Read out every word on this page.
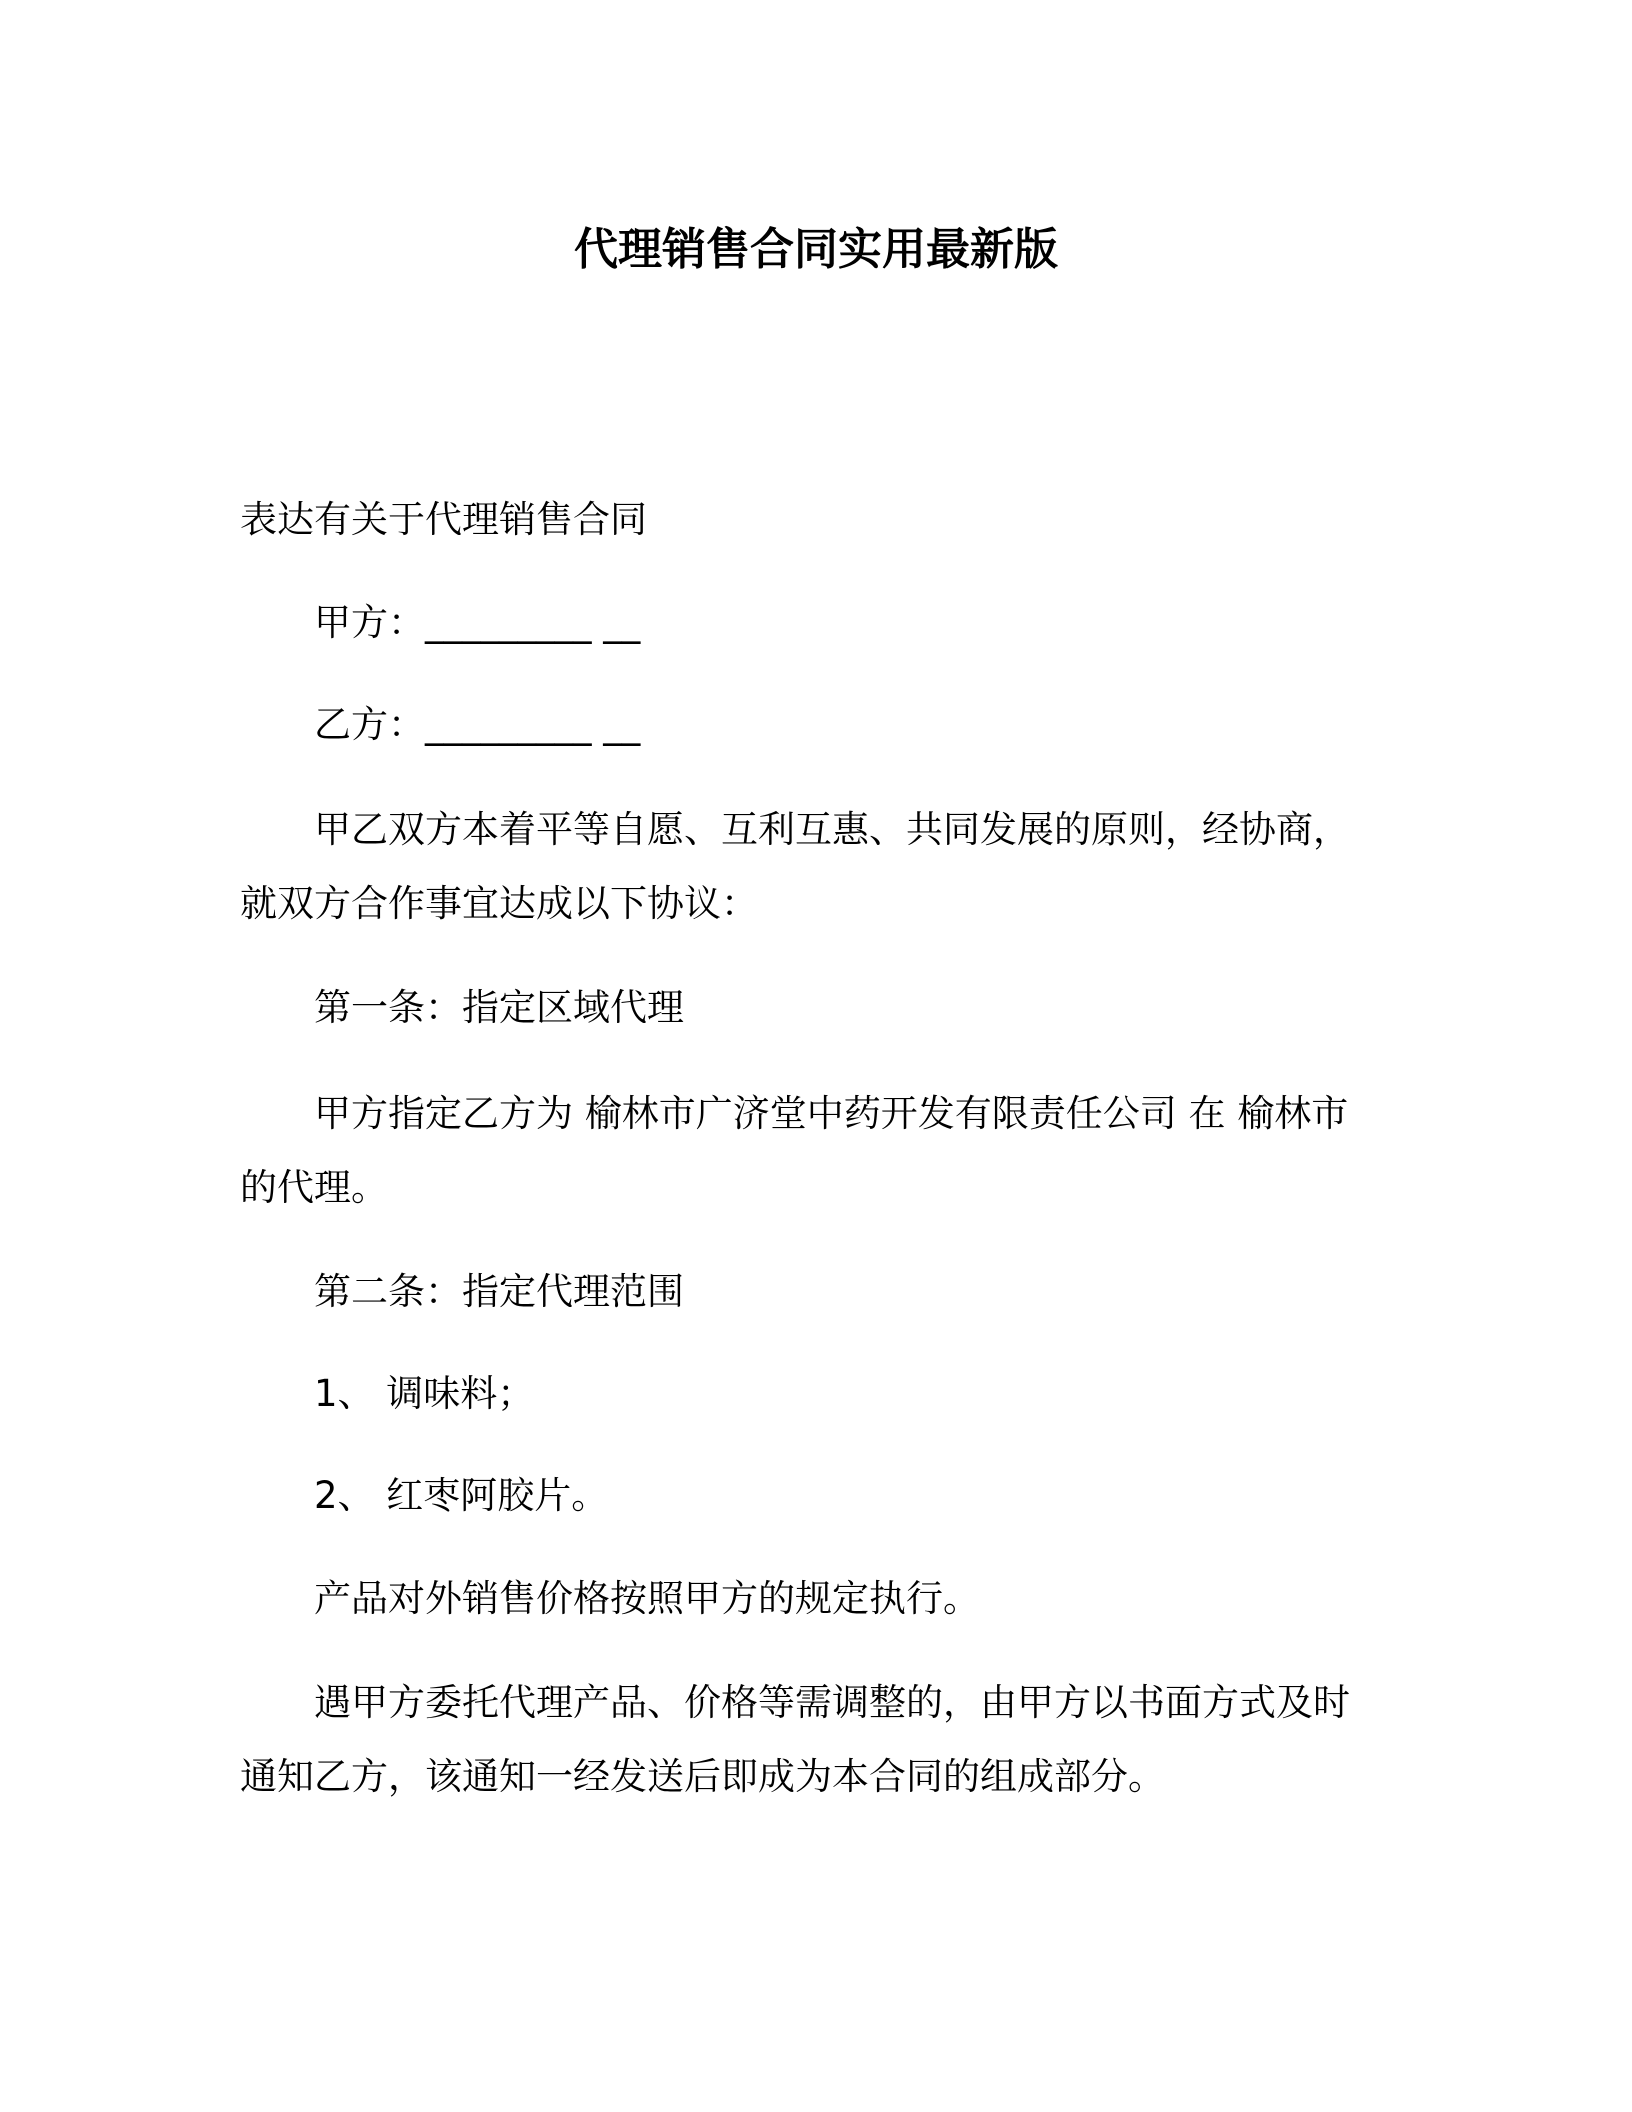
代理销售合同实用最新版
表达有关于代理销售合同
甲方：_________ __
乙方：_________ __
甲乙双方本着平等自愿、互利互惠、共同发展的原则，经协商，
就双方合作事宜达成以下协议：
第一条：指定区域代理
甲方指定乙方为 榆林市广济堂中药开发有限责任公司 在 榆林市
的代理。
第二条：指定代理范围
1、 调味料；
2、 红枣阿胶片。
产品对外销售价格按照甲方的规定执行。
遇甲方委托代理产品、价格等需调整的，由甲方以书面方式及时
通知乙方，该通知一经发送后即成为本合同的组成部分。
